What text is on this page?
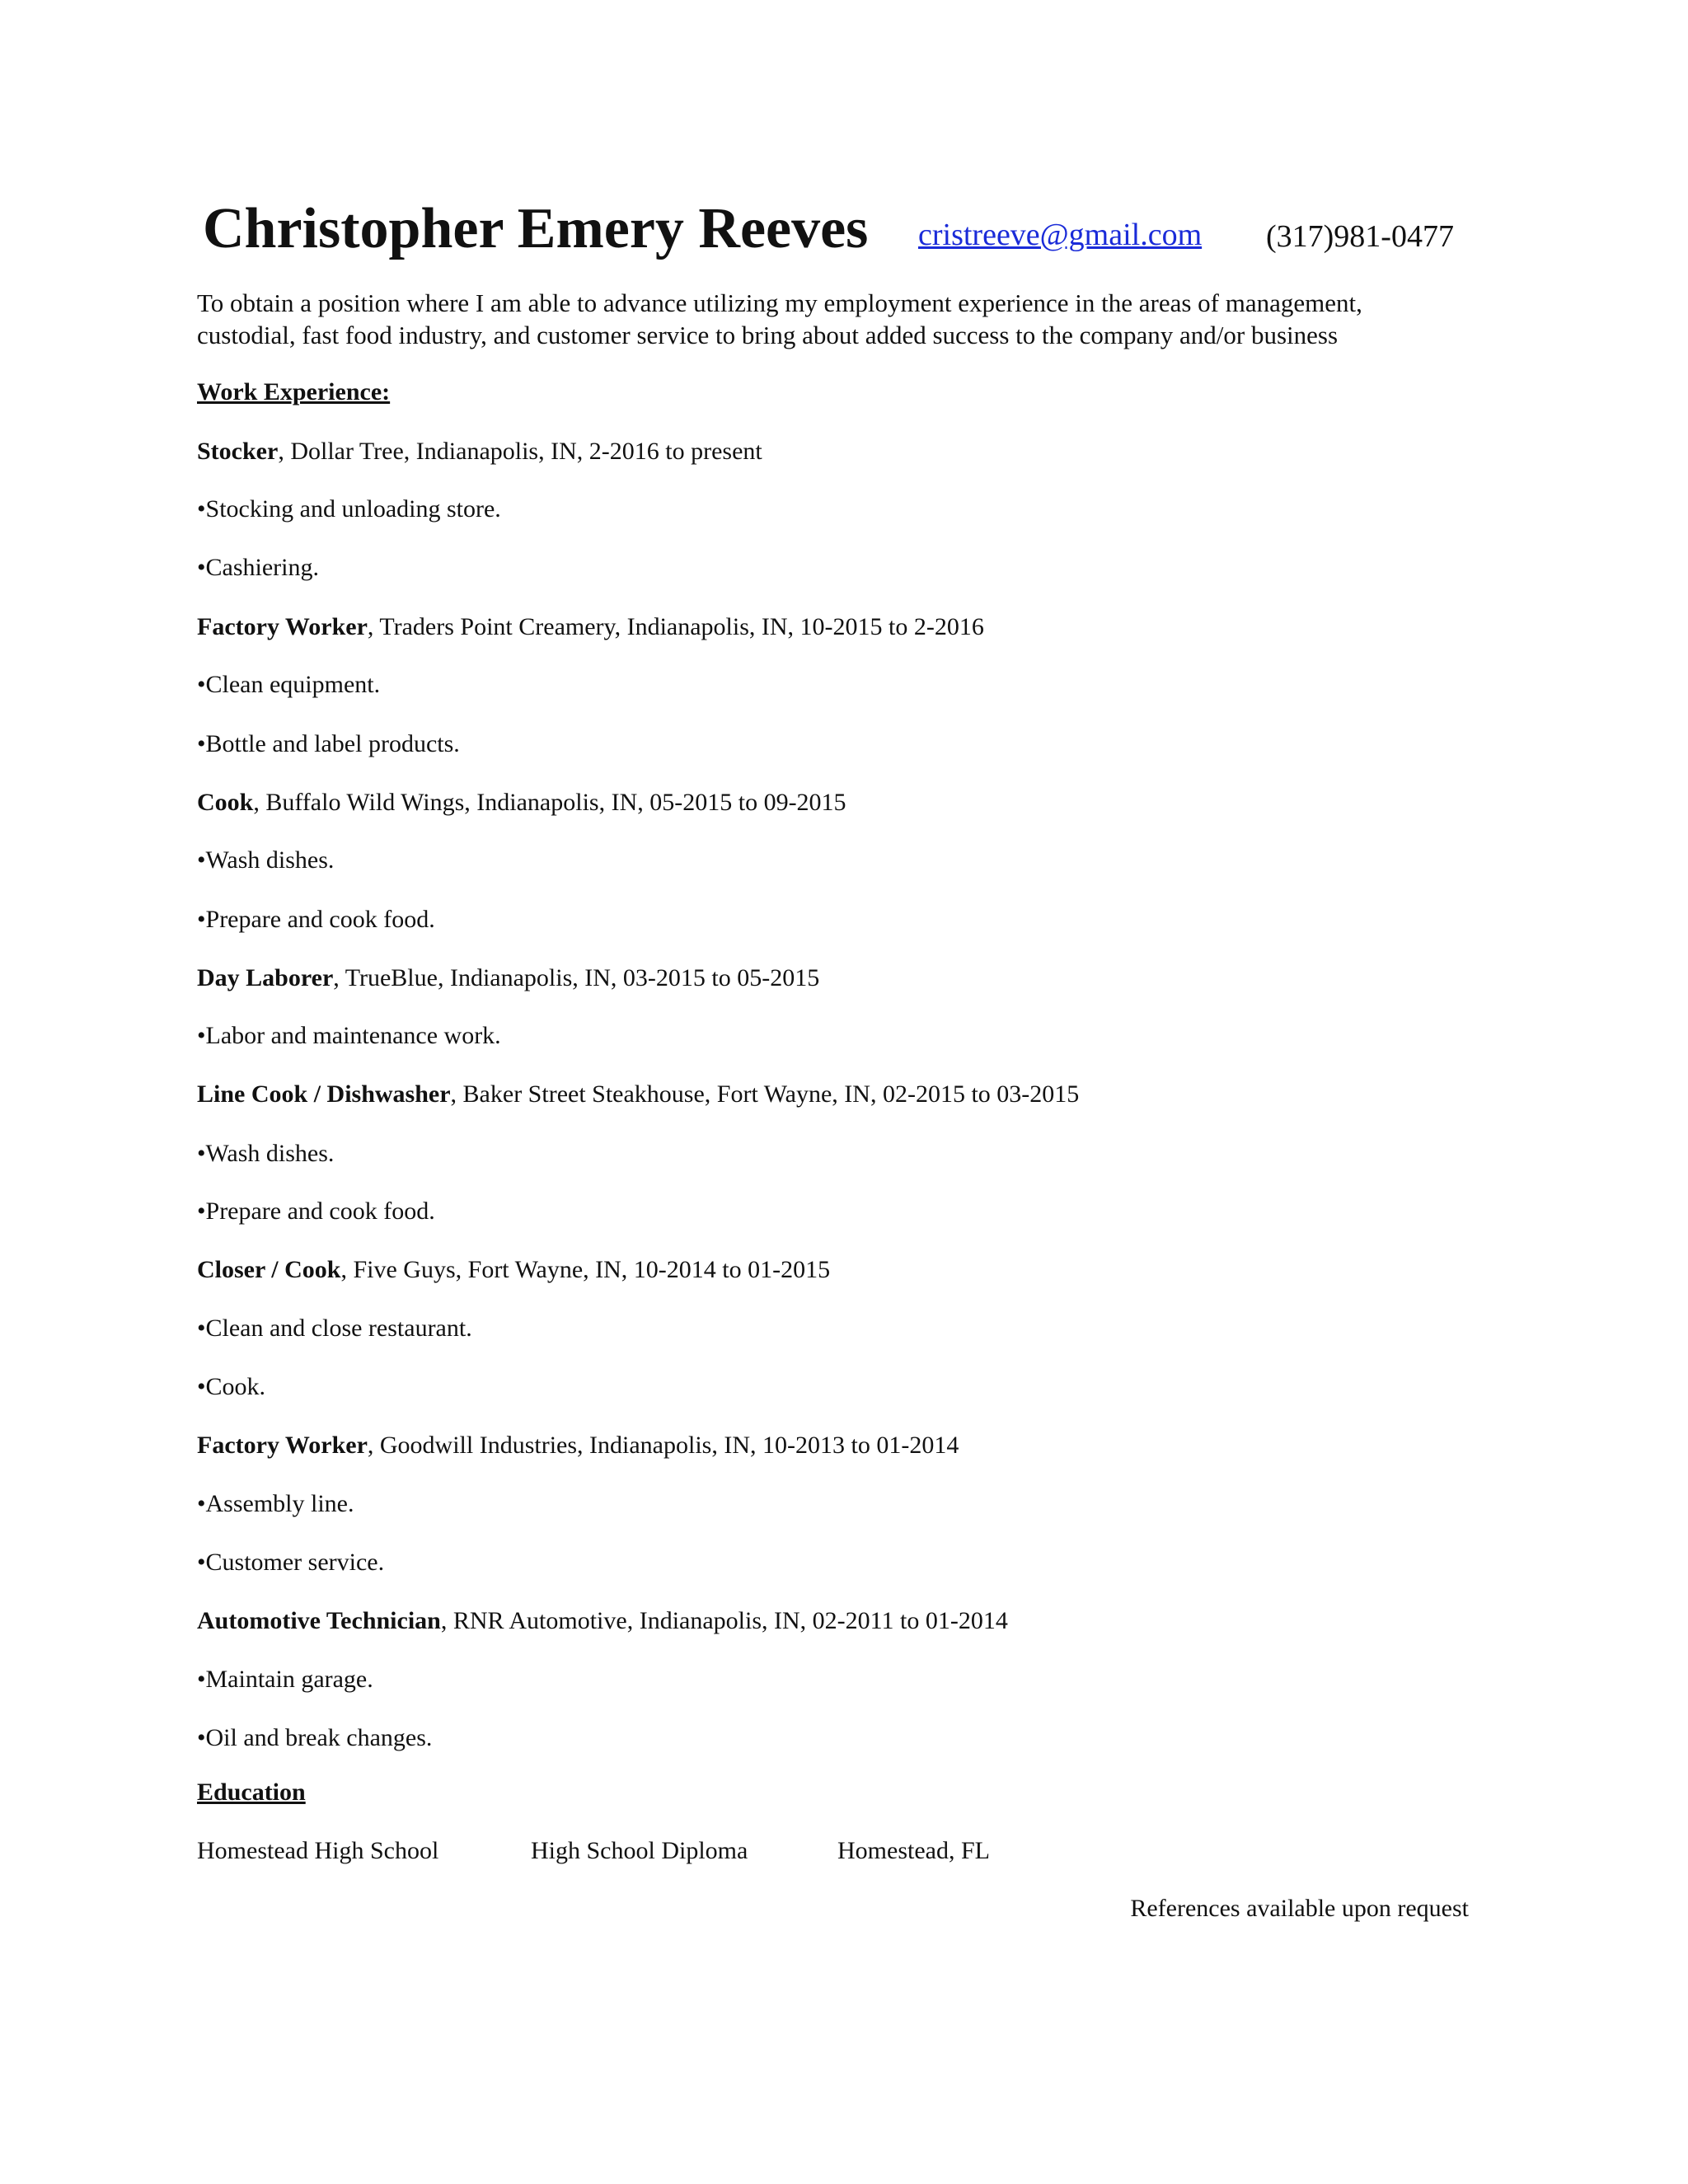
Christopher Emery Reeves cristreeve@gmail.com (317)981-0477
To obtain a position where I am able to advance utilizing my employment experience in the areas of management,
custodial, fast food industry, and customer service to bring about added success to the company and/or business
Work Experience:
Stocker, Dollar Tree, Indianapolis, IN, 2-2016 to present
•Stocking and unloading store.
•Cashiering.
Factory Worker, Traders Point Creamery, Indianapolis, IN, 10-2015 to 2-2016
•Clean equipment.
•Bottle and label products.
Cook, Buffalo Wild Wings, Indianapolis, IN, 05-2015 to 09-2015
•Wash dishes.
•Prepare and cook food.
Day Laborer, TrueBlue, Indianapolis, IN, 03-2015 to 05-2015
•Labor and maintenance work.
Line Cook / Dishwasher, Baker Street Steakhouse, Fort Wayne, IN, 02-2015 to 03-2015
•Wash dishes.
•Prepare and cook food.
Closer / Cook, Five Guys, Fort Wayne, IN, 10-2014 to 01-2015
•Clean and close restaurant.
•Cook.
Factory Worker, Goodwill Industries, Indianapolis, IN, 10-2013 to 01-2014
•Assembly line.
•Customer service.
Automotive Technician, RNR Automotive, Indianapolis, IN, 02-2011 to 01-2014
•Maintain garage.
•Oil and break changes.
Education
Homestead High School	High School Diploma	Homestead, FL
References available upon request
